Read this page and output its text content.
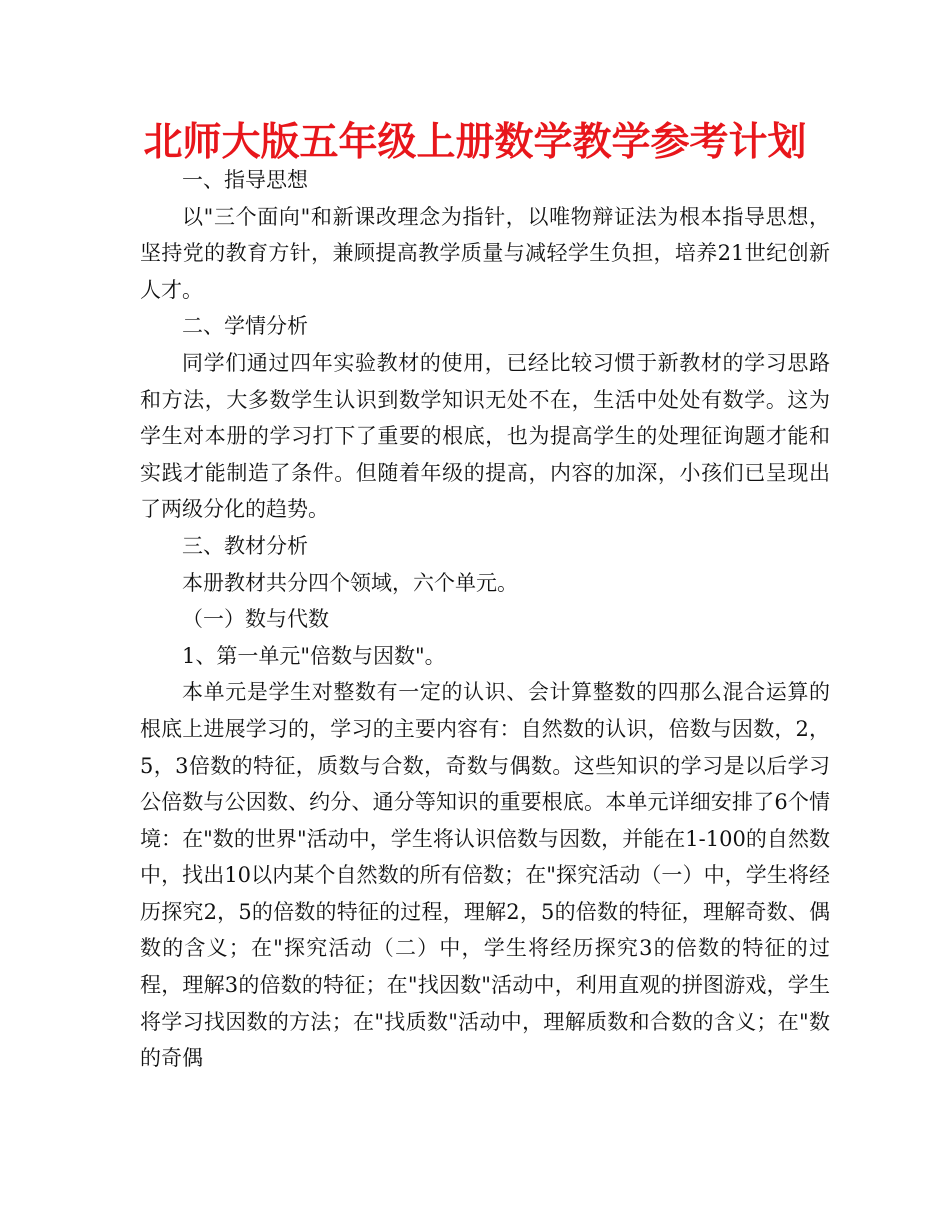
北师大版五年级上册数学教学参考计划

一、指导思想

以"三个面向"和新课改理念为指针，以唯物辩证法为根本指导思想，坚持党的教育方针，兼顾提高教学质量与减轻学生负担，培养21世纪创新人才。

二、学情分析

同学们通过四年实验教材的使用，已经比较习惯于新教材的学习思路和方法，大多数学生认识到数学知识无处不在，生活中处处有数学。这为学生对本册的学习打下了重要的根底，也为提高学生的处理征询题才能和实践才能制造了条件。但随着年级的提高，内容的加深，小孩们已呈现出了两级分化的趋势。

三、教材分析

本册教材共分四个领域，六个单元。

（一）数与代数

1、第一单元"倍数与因数"。

本单元是学生对整数有一定的认识、会计算整数的四那么混合运算的根底上进展学习的，学习的主要内容有：自然数的认识，倍数与因数，2，5，3倍数的特征，质数与合数，奇数与偶数。这些知识的学习是以后学习公倍数与公因数、约分、通分等知识的重要根底。本单元详细安排了6个情境：在"数的世界"活动中，学生将认识倍数与因数，并能在1-100的自然数中，找出10以内某个自然数的所有倍数；在"探究活动（一）中，学生将经历探究2，5的倍数的特征的过程，理解2，5的倍数的特征，理解奇数、偶数的含义；在"探究活动（二）中，学生将经历探究3的倍数的特征的过程，理解3的倍数的特征；在"找因数"活动中，利用直观的拼图游戏，学生将学习找因数的方法；在"找质数"活动中，理解质数和合数的含义；在"数的奇偶
